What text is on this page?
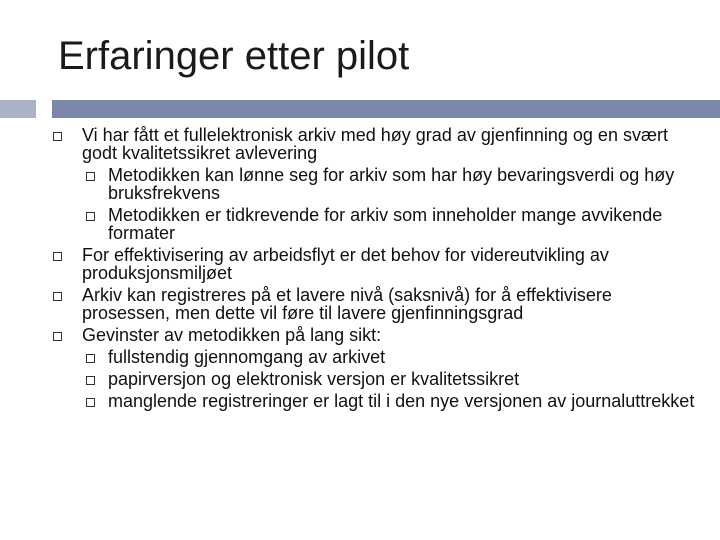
Erfaringer etter pilot
Vi har fått et fullelektronisk arkiv med høy grad av gjenfinning og en svært godt kvalitetssikret avlevering
Metodikken kan lønne seg for arkiv som har høy bevaringsverdi og høy bruksfrekvens
Metodikken er tidkrevende for arkiv som inneholder mange avvikende formater
For effektivisering av arbeidsflyt er det behov for videreutvikling av produksjonsmiljøet
Arkiv kan registreres på et lavere nivå (saksnivå) for å effektivisere prosessen, men dette vil føre til lavere gjenfinningsgrad
Gevinster av metodikken på lang sikt:
fullstendig gjennomgang av arkivet
papirversjon og elektronisk versjon er kvalitetssikret
manglende registreringer er lagt til i den nye versjonen av journaluttrekket
